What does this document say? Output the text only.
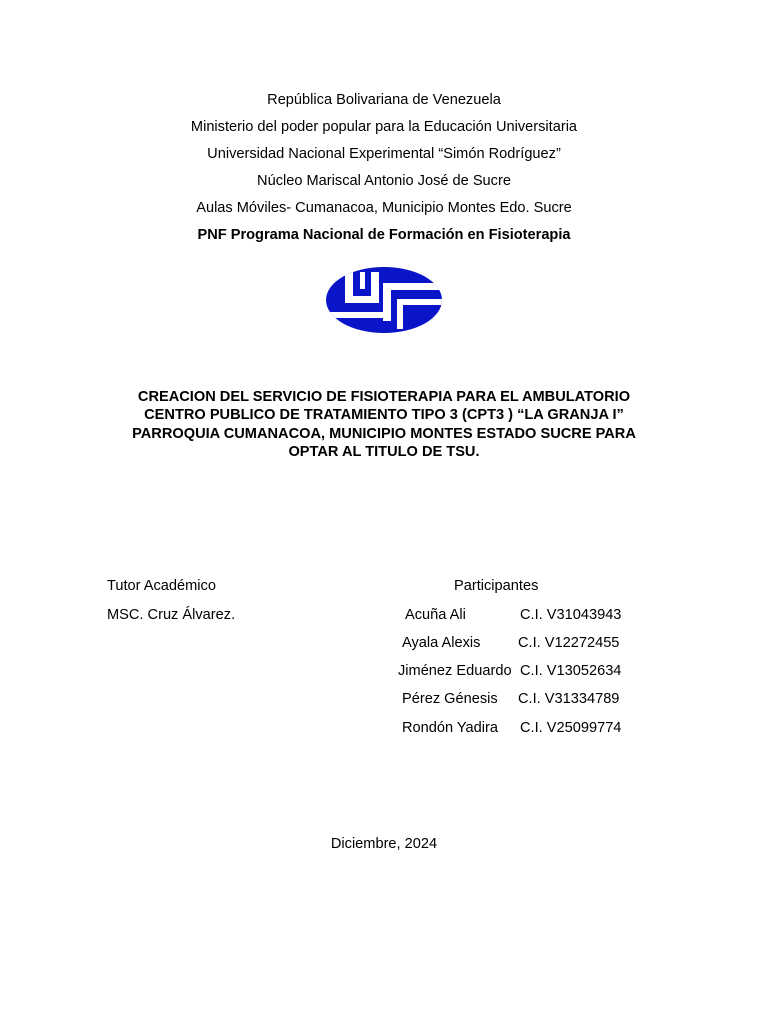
República Bolivariana de Venezuela
Ministerio del poder popular para la Educación Universitaria
Universidad Nacional Experimental “Simón Rodríguez”
Núcleo Mariscal Antonio José de Sucre
Aulas Móviles- Cumanacoa, Municipio Montes Edo. Sucre
PNF Programa Nacional de Formación en Fisioterapia
CREACION DEL SERVICIO DE FISIOTERAPIA PARA EL AMBULATORIO
CENTRO PUBLICO DE TRATAMIENTO TIPO 3 (CPT3 ) “LA GRANJA I”
PARROQUIA CUMANACOA, MUNICIPIO MONTES ESTADO SUCRE PARA
OPTAR AL TITULO DE TSU.
Tutor Académico
MSC. Cruz Álvarez.
Participantes
Acuña Ali	C.I. V31043943
Ayala Alexis	C.I. V12272455
Jiménez Eduardo C.I. V13052634
Pérez Génesis C.I. V31334789
Rondón Yadira C.I. V25099774
Diciembre, 2024
